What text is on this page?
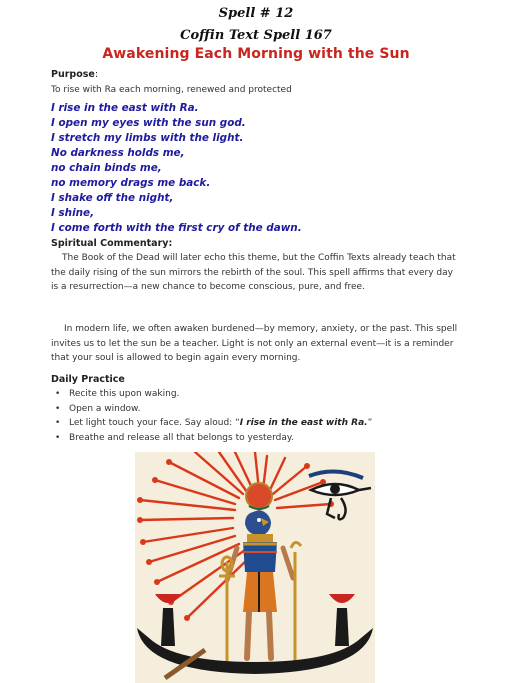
Spell # 12
Coffin Text Spell 167
Awakening Each Morning with the Sun
Purpose:
To rise with Ra each morning, renewed and protected
I rise in the east with Ra.
I open my eyes with the sun god.
I stretch my limbs with the light.
No darkness holds me,
no chain binds me,
no memory drags me back.
I shake off the night,
I shine,
I come forth with the first cry of the dawn.
Spiritual Commentary:
The Book of the Dead will later echo this theme, but the Coffin Texts already teach that the daily rising of the sun mirrors the rebirth of the soul. This spell affirms that every day is a resurrection—a new chance to become conscious, pure, and free.
In modern life, we often awaken burdened—by memory, anxiety, or the past. This spell invites us to let the sun be a teacher. Light is not only an external event—it is a reminder that your soul is allowed to begin again every morning.
Daily Practice
• Recite this upon waking.
• Open a window.
• Let light touch your face. Say aloud: “I rise in the east with Ra.”
• Breathe and release all that belongs to yesterday.
